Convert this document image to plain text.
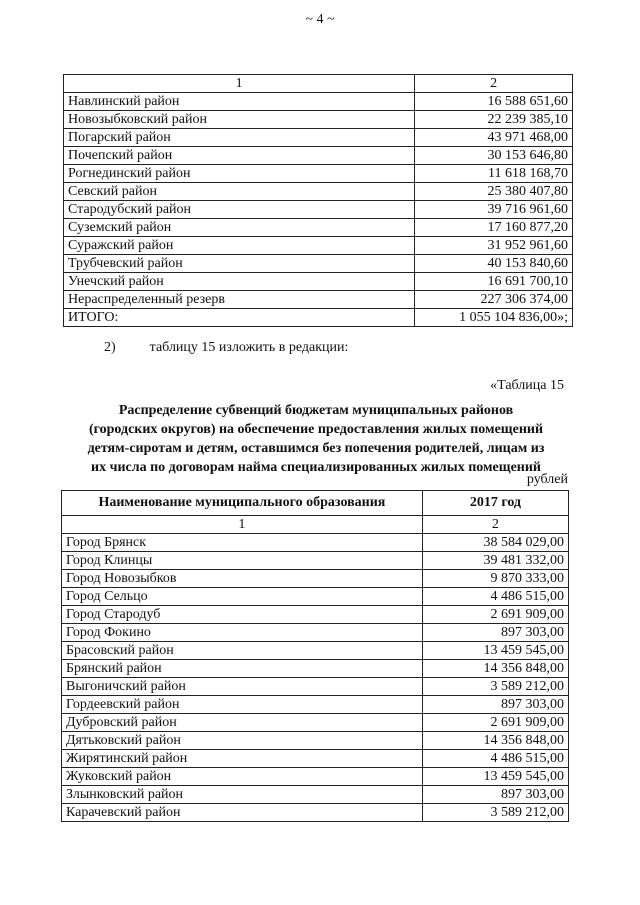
~ 4 ~
1	2
Навлинский район	16 588 651,60
Новозыбковский район	22 239 385,10
Погарский район	43 971 468,00
Почепский район	30 153 646,80
Рогнединский район	11 618 168,70
Севский район	25 380 407,80
Стародубский район	39 716 961,60
Суземский район	17 160 877,20
Суражский район	31 952 961,60
Трубчевский район	40 153 840,60
Унечский район	16 691 700,10
Нераспределенный резерв	227 306 374,00
ИТОГО:	1 055 104 836,00»;
2) таблицу 15 изложить в редакции:
«Таблица 15
Распределение субвенций бюджетам муниципальных районов
(городских округов) на обеспечение предоставления жилых помещений
детям-сиротам и детям, оставшимся без попечения родителей, лицам из
их числа по договорам найма специализированных жилых помещений
рублей
Наименование муниципального образования	2017 год
1	2
Город Брянск	38 584 029,00
Город Клинцы	39 481 332,00
Город Новозыбков	9 870 333,00
Город Сельцо	4 486 515,00
Город Стародуб	2 691 909,00
Город Фокино	897 303,00
Брасовский район	13 459 545,00
Брянский район	14 356 848,00
Выгоничский район	3 589 212,00
Гордеевский район	897 303,00
Дубровский район	2 691 909,00
Дятьковский район	14 356 848,00
Жирятинский район	4 486 515,00
Жуковский район	13 459 545,00
Злынковский район	897 303,00
Карачевский район	3 589 212,00
